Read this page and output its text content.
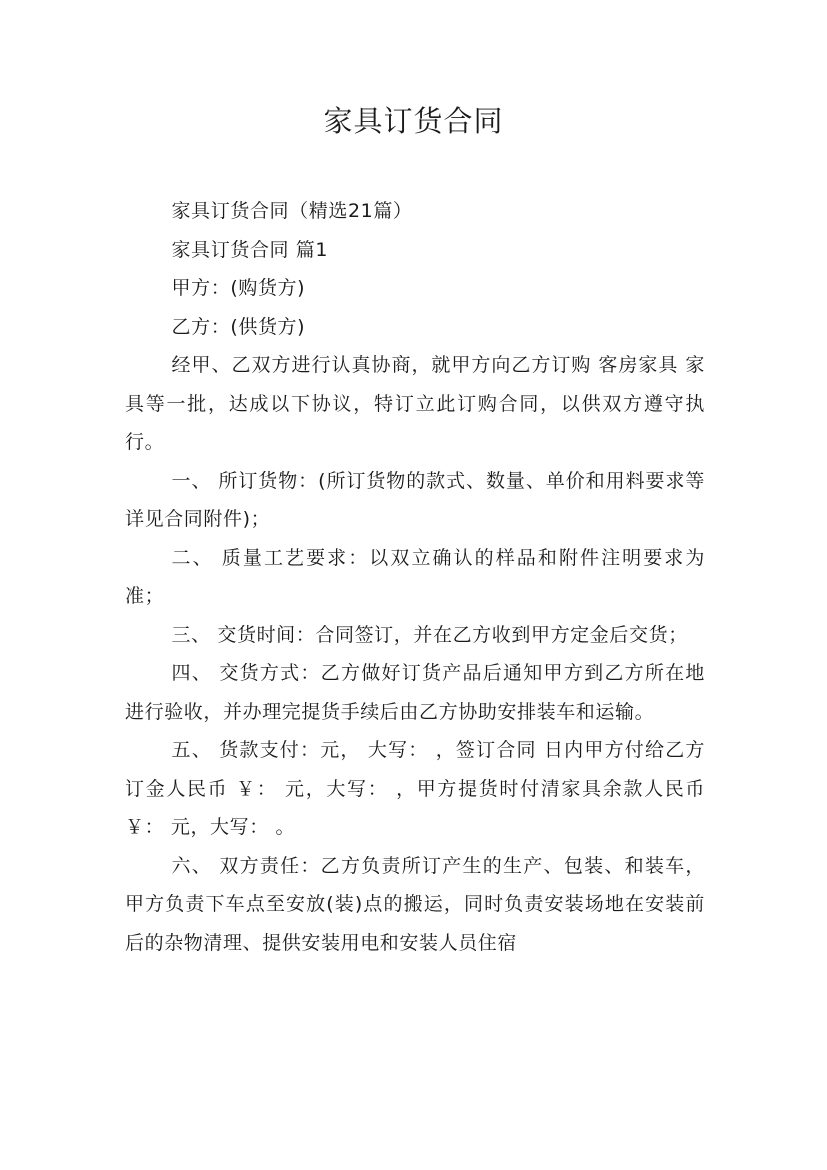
家具订货合同

家具订货合同（精选21篇）

家具订货合同 篇1

甲方：(购货方)

乙方：(供货方)

经甲、乙双方进行认真协商，就甲方向乙方订购 客房家具 家具等一批，达成以下协议，特订立此订购合同，以供双方遵守执行。

一、 所订货物：(所订货物的款式、数量、单价和用料要求等详见合同附件)；

二、 质量工艺要求：以双立确认的样品和附件注明要求为准；

三、 交货时间：合同签订，并在乙方收到甲方定金后交货；

四、 交货方式：乙方做好订货产品后通知甲方到乙方所在地进行验收，并办理完提货手续后由乙方协助安排装车和运输。

五、 货款支付：元， 大写： ，签订合同 日内甲方付给乙方订金人民币 ￥： 元，大写： ，甲方提货时付清家具余款人民币 ￥： 元，大写： 。

六、 双方责任：乙方负责所订产生的生产、包装、和装车，甲方负责下车点至安放(装)点的搬运，同时负责安装场地在安装前后的杂物清理、提供安装用电和安装人员住宿
